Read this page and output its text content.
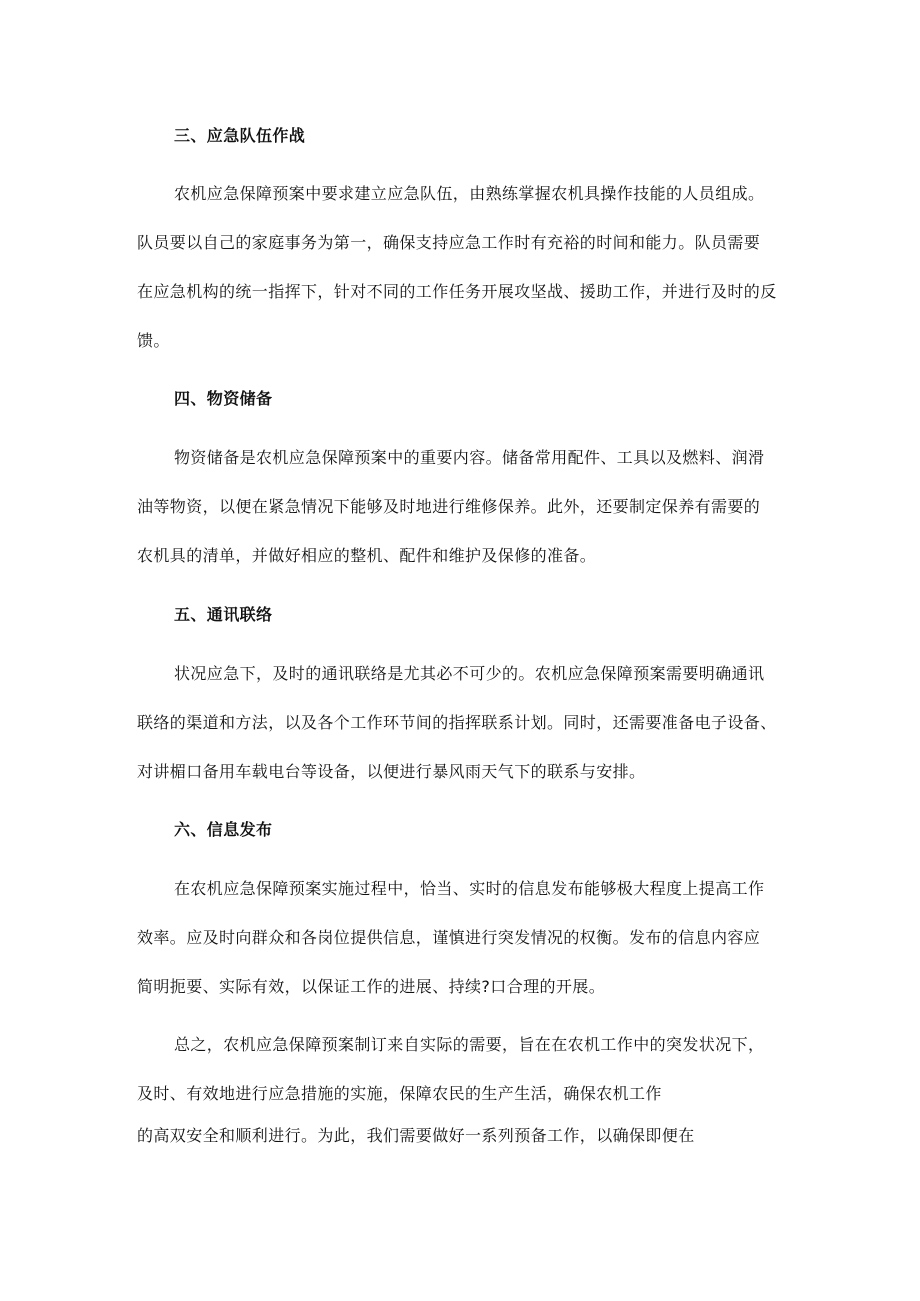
三、应急队伍作战
农机应急保障预案中要求建立应急队伍，由熟练掌握农机具操作技能的人员组成。
队员要以自己的家庭事务为第一，确保支持应急工作时有充裕的时间和能力。队员需要
在应急机构的统一指挥下，针对不同的工作任务开展攻坚战、援助工作，并进行及时的反
馈。
四、物资储备
物资储备是农机应急保障预案中的重要内容。储备常用配件、工具以及燃料、润滑
油等物资，以便在紧急情况下能够及时地进行维修保养。此外，还要制定保养有需要的
农机具的清单，并做好相应的整机、配件和维护及保修的准备。
五、通讯联络
状况应急下，及时的通讯联络是尤其必不可少的。农机应急保障预案需要明确通讯
联络的渠道和方法，以及各个工作环节间的指挥联系计划。同时，还需要准备电子设备、
对讲楣口备用车载电台等设备，以便进行暴风雨天气下的联系与安排。
六、信息发布
在农机应急保障预案实施过程中，恰当、实时的信息发布能够极大程度上提高工作
效率。应及时向群众和各岗位提供信息，谨慎进行突发情况的权衡。发布的信息内容应
简明扼要、实际有效，以保证工作的进展、持续?口合理的开展。
总之，农机应急保障预案制订来自实际的需要，旨在在农机工作中的突发状况下，
及时、有效地进行应急措施的实施，保障农民的生产生活，确保农机工作
的高双安全和顺利进行。为此，我们需要做好一系列预备工作，以确保即便在
